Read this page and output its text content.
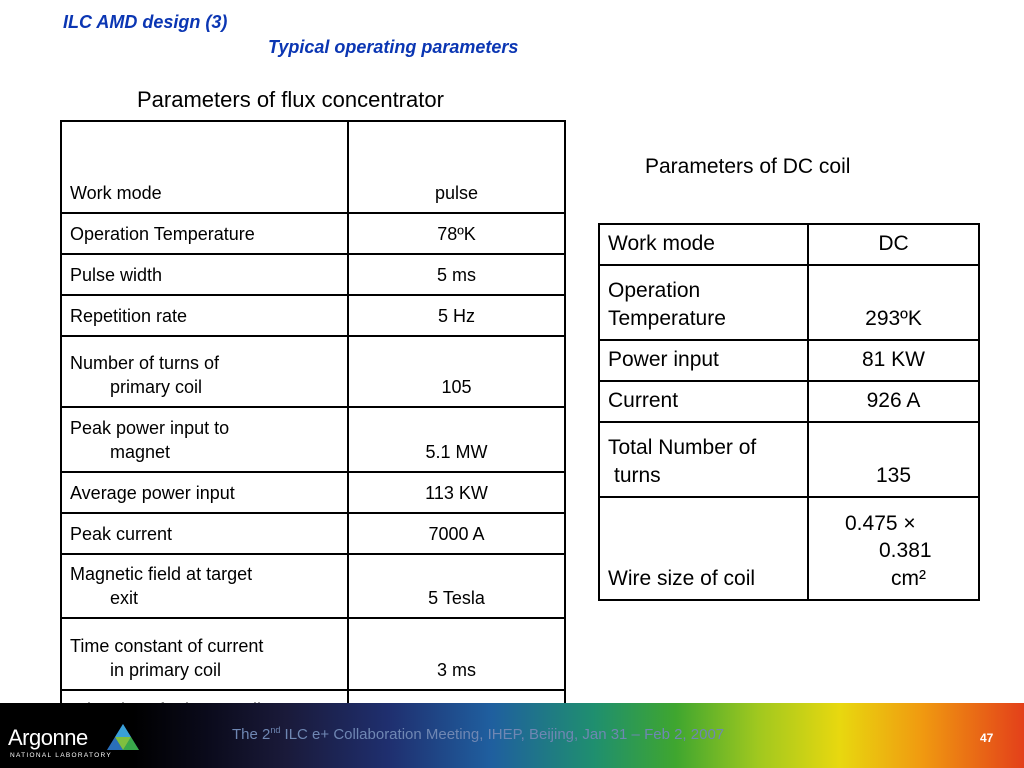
ILC AMD design (3)
Typical operating parameters

Parameters of flux concentrator

Work mode	pulse
Operation Temperature	78ºK
Pulse width	5 ms
Repetition rate	5 Hz

Number of turns of
primary coil	105

Peak power input to
magnet	5.1 MW
Average power input	113 KW
Peak current	7000 A

Magnetic field at target
exit	5 Tesla

Time constant of current
in primary coil	3 ms

Parameters of DC coil

Work mode	DC

Operation
Temperature	293ºK
Power input	81 KW
Current	926 A

Total Number of
turns	135
Wire size of coil	0.475 ×
0.381
cm²
Argonne
NATIONAL LABORATORY
The 2nd ILC e+ Collaboration Meeting, IHEP, Beijing, Jan 31 – Feb 2, 2007	47
